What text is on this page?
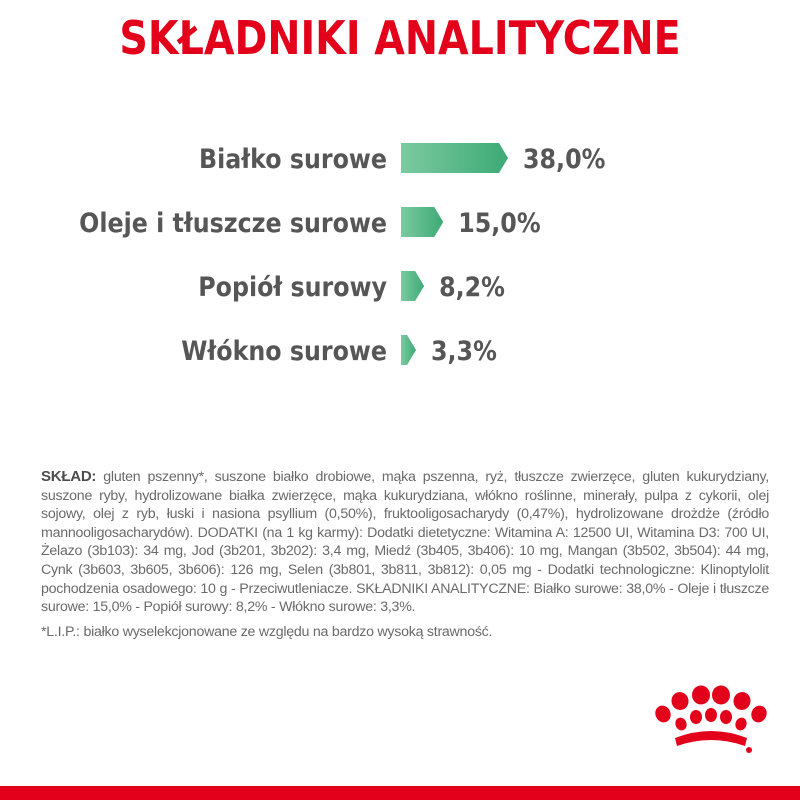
SKŁADNIKI ANALITYCZNE
Białko surowe	38,0%
Oleje i tłuszcze surowe	15,0%
Popiół surowy 8,2%
Włókno surowe 3,3%
SKŁAD: gluten pszenny*, suszone białko drobiowe, mąka pszenna, ryż, tłuszcze zwierzęce, gluten kukurydziany, suszone ryby, hydrolizowane białka zwierzęce, mąka kukurydziana, włókno roślinne, minerały, pulpa z cykorii, olej sojowy, olej z ryb, łuski i nasiona psyllium (0,50%), fruktooligosacharydy (0,47%), hydrolizowane drożdże (źródło mannooligosacharydów). DODATKI (na 1 kg karmy): Dodatki dietetyczne: Witamina A: 12500 UI, Witamina D3: 700 UI, Żelazo (3b103): 34 mg, Jod (3b201, 3b202): 3,4 mg, Miedź (3b405, 3b406): 10 mg, Mangan (3b502, 3b504): 44 mg, Cynk (3b603, 3b605, 3b606): 126 mg, Selen (3b801, 3b811, 3b812): 0,05 mg - Dodatki technologiczne: Klinoptylolit pochodzenia osadowego: 10 g - Przeciwutleniacze. SKŁADNIKI ANALITYCZNE: Białko surowe: 38,0% - Oleje i tłuszcze surowe: 15,0% - Popiół surowy: 8,2% - Włókno surowe: 3,3%.
*L.I.P.: białko wyselekcjonowane ze względu na bardzo wysoką strawność.
